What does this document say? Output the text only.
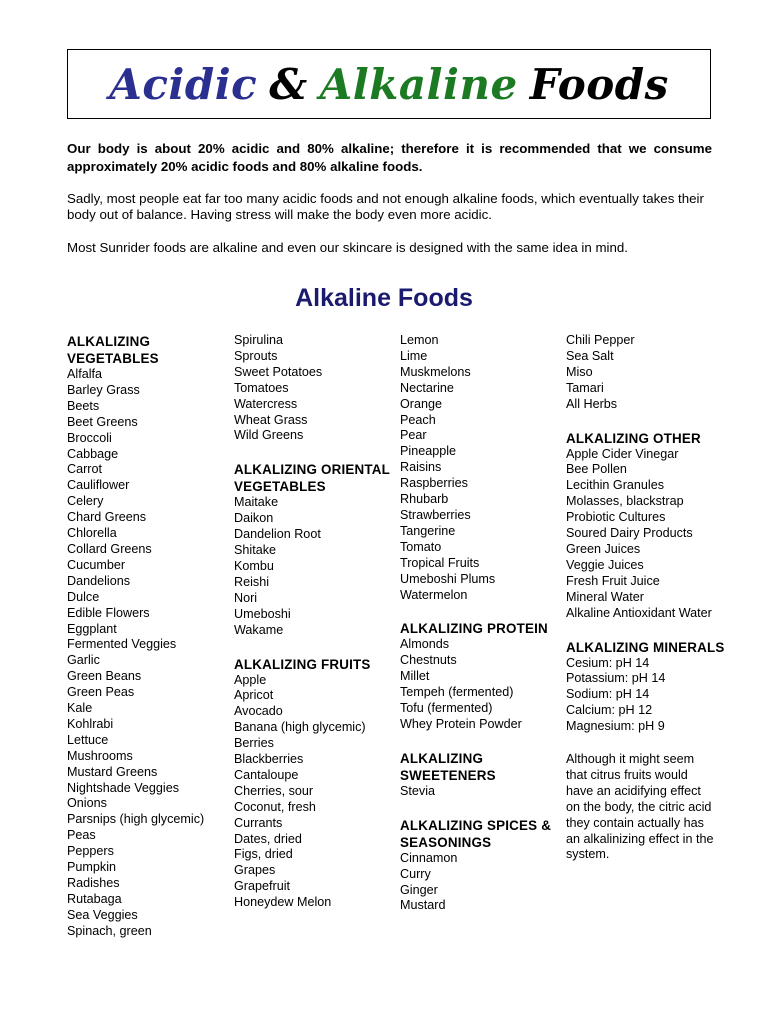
Acidic & Alkaline Foods

Our body is about 20% acidic and 80% alkaline; therefore it is recommended that we consume approximately 20% acidic foods and 80% alkaline foods.

Sadly, most people eat far too many acidic foods and not enough alkaline foods, which eventually takes their body out of balance. Having stress will make the body even more acidic.

Most Sunrider foods are alkaline and even our skincare is designed with the same idea in mind.

Alkaline Foods
ALKALIZING VEGETABLES
Alfalfa
Barley Grass
Beets
Beet Greens
Broccoli
Cabbage
Carrot
Cauliflower
Celery
Chard Greens
Chlorella
Collard Greens
Cucumber
Dandelions
Dulce
Edible Flowers
Eggplant
Fermented Veggies
Garlic
Green Beans
Green Peas
Kale
Kohlrabi
Lettuce
Mushrooms
Mustard Greens
Nightshade Veggies
Onions
Parsnips (high glycemic)
Peas
Peppers
Pumpkin
Radishes
Rutabaga
Sea Veggies
Spinach, green
Spirulina
Sprouts
Sweet Potatoes
Tomatoes
Watercress
Wheat Grass
Wild Greens
ALKALIZING ORIENTAL VEGETABLES
Maitake
Daikon
Dandelion Root
Shitake
Kombu
Reishi
Nori
Umeboshi
Wakame
ALKALIZING FRUITS
Apple
Apricot
Avocado
Banana (high glycemic)
Berries
Blackberries
Cantaloupe
Cherries, sour
Coconut, fresh
Currants
Dates, dried
Figs, dried
Grapes
Grapefruit
Honeydew Melon
Lemon
Lime
Muskmelons
Nectarine
Orange
Peach
Pear
Pineapple
Raisins
Raspberries
Rhubarb
Strawberries
Tangerine
Tomato
Tropical Fruits
Umeboshi Plums
Watermelon
ALKALIZING PROTEIN
Almonds
Chestnuts
Millet
Tempeh (fermented)
Tofu (fermented)
Whey Protein Powder
ALKALIZING SWEETENERS
Stevia
ALKALIZING SPICES & SEASONINGS
Cinnamon
Curry
Ginger
Mustard
Chili Pepper
Sea Salt
Miso
Tamari
All Herbs
ALKALIZING OTHER
Apple Cider Vinegar
Bee Pollen
Lecithin Granules
Molasses, blackstrap
Probiotic Cultures
Soured Dairy Products
Green Juices
Veggie Juices
Fresh Fruit Juice
Mineral Water
Alkaline Antioxidant Water
ALKALIZING MINERALS
Cesium: pH 14
Potassium: pH 14
Sodium: pH 14
Calcium: pH 12
Magnesium: pH 9
Although it might seem that citrus fruits would have an acidifying effect on the body, the citric acid they contain actually has an alkalinizing effect in the system.
